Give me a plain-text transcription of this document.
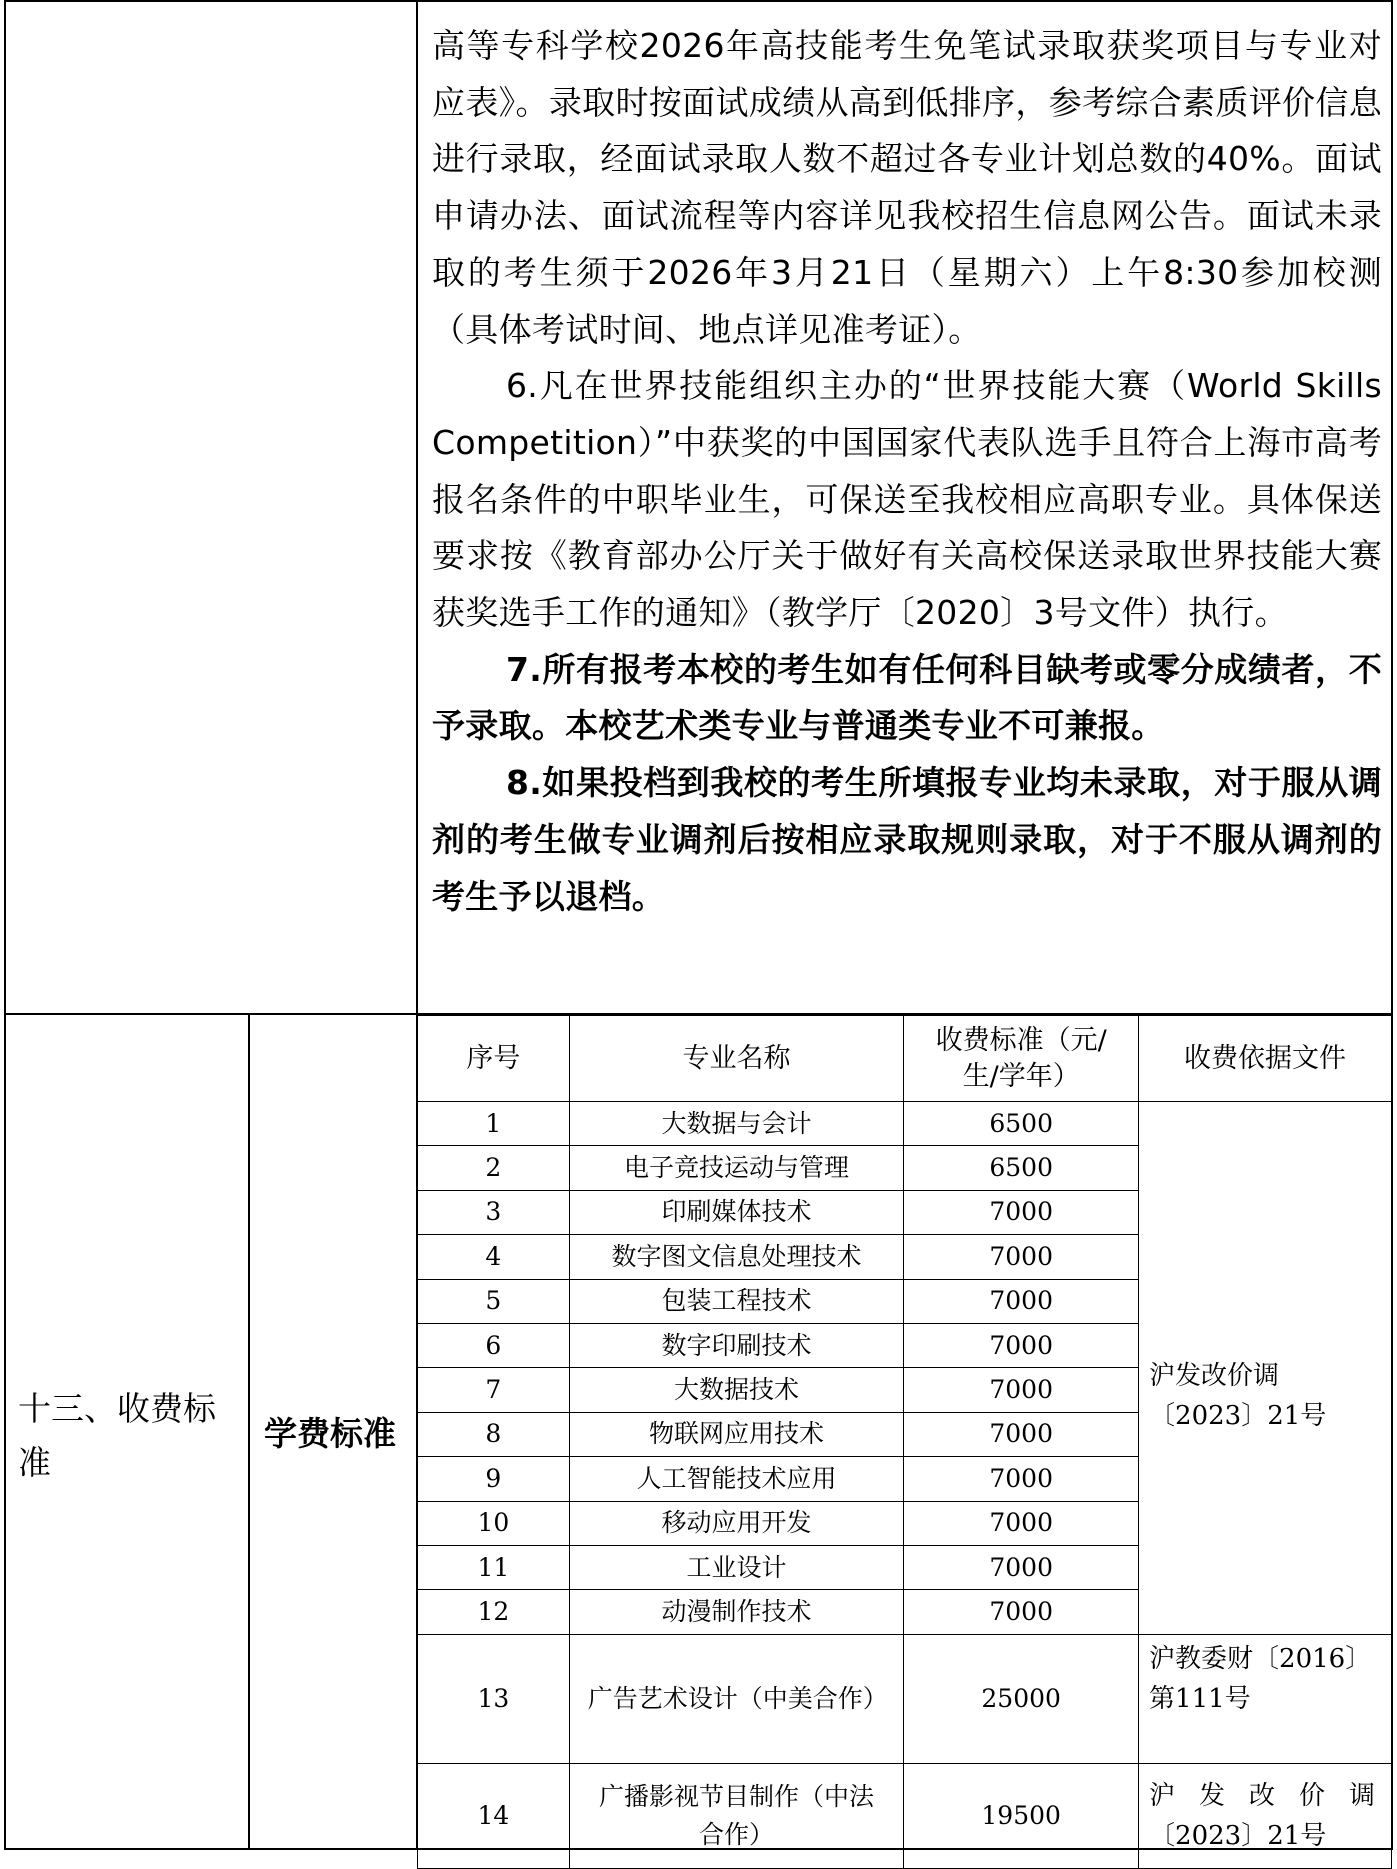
高等专科学校2026年高技能考生免笔试录取获奖项目与专业对应表》。录取时按面试成绩从高到低排序，参考综合素质评价信息进行录取，经面试录取人数不超过各专业计划总数的40%。面试申请办法、面试流程等内容详见我校招生信息网公告。面试未录取的考生须于2026年3月21日（星期六）上午8:30参加校测（具体考试时间、地点详见准考证）。

6.凡在世界技能组织主办的“世界技能大赛（World Skills Competition）”中获奖的中国国家代表队选手且符合上海市高考报名条件的中职毕业生，可保送至我校相应高职专业。具体保送要求按《教育部办公厅关于做好有关高校保送录取世界技能大赛获奖选手工作的通知》（教学厅〔2020〕3号文件）执行。

7.所有报考本校的考生如有任何科目缺考或零分成绩者，不予录取。本校艺术类专业与普通类专业不可兼报。

8.如果投档到我校的考生所填报专业均未录取，对于服从调剂的考生做专业调剂后按相应录取规则录取，对于不服从调剂的考生予以退档。

十三、收费标准
学费标准
序号	专业名称	收费标准（元/生/学年）	收费依据文件
1	大数据与会计	6500	沪发改价调〔2023〕21号

2	电子竞技运动与管理	6500	
3	印刷媒体技术	7000	
4	数字图文信息处理技术	7000	
5	包装工程技术	7000	
6	数字印刷技术	7000	
7	大数据技术	7000	
8	物联网应用技术	7000	
9	人工智能技术应用	7000	
10	移动应用开发	7000	
11	工业设计	7000	
12	动漫制作技术	7000	
13	广告艺术设计（中美合作）	25000	沪教委财〔2016〕第111号
14	广播影视节目制作（中法合作）	19500	沪发改价调
〔2023〕21号
